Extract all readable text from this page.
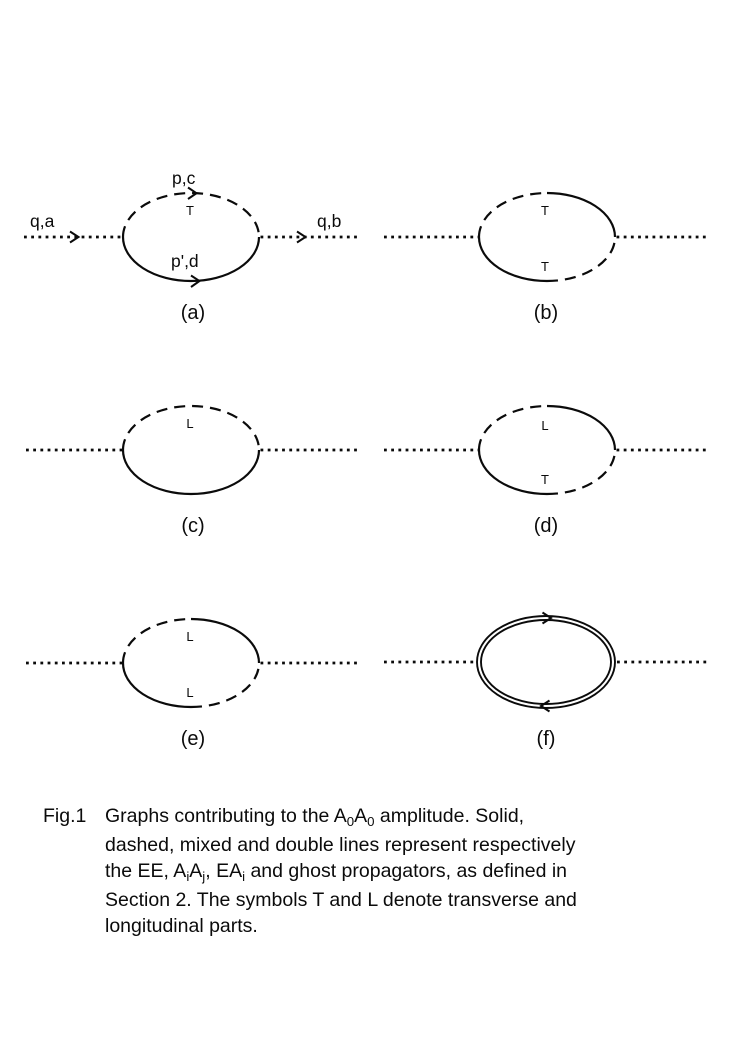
q,a
p,c
T
p',d
q,b
(a)
T
T
(b)
L
(c)
L
T
(d)
L
L
(e)	(f)
Fig.1 Graphs contributing to the A0A0 amplitude. Solid,
dashed, mixed and double lines represent respectively
the EE, AiAj, EAi and ghost propagators, as defined in
Section 2. The symbols T and L denote transverse and
longitudinal parts.
